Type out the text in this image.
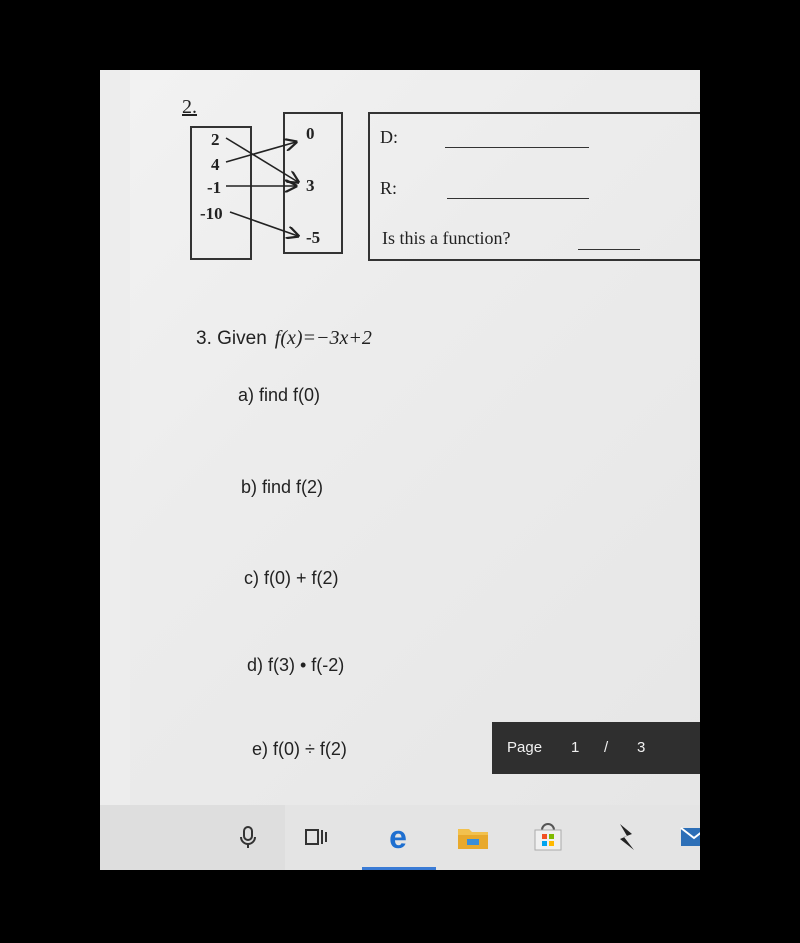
2.
2
4
-1
-10
0
3
-5
D:
R:
Is this a function?
3. Given f(x)=−3x+2
a) find f(0)
b) find f(2)
c) f(0) + f(2)
d) f(3) • f(-2)
e) f(0) ÷ f(2)	Page 1 / 3
e
